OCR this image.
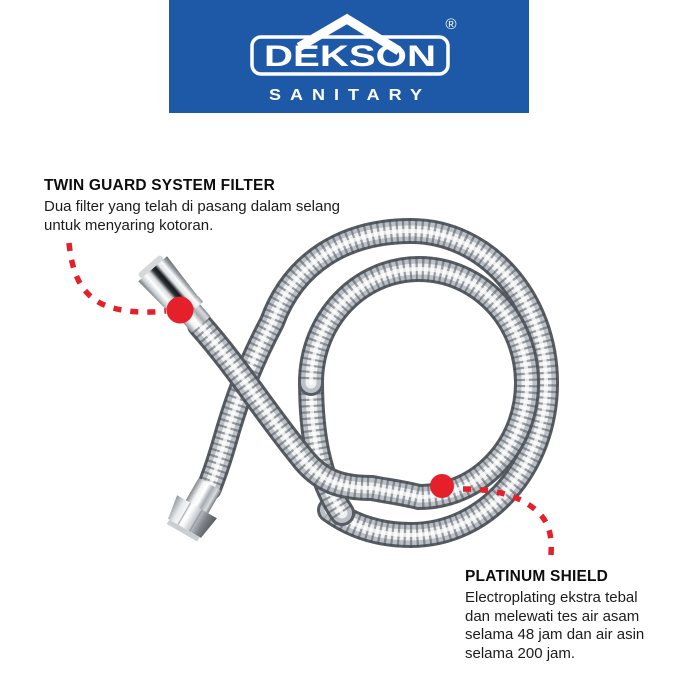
DEKSON
®
SANITARY
TWIN GUARD SYSTEM FILTER
Dua filter yang telah di pasang dalam selang
untuk menyaring kotoran.
PLATINUM SHIELD
Electroplating ekstra tebal
dan melewati tes air asam
selama 48 jam dan air asin
selama 200 jam.
